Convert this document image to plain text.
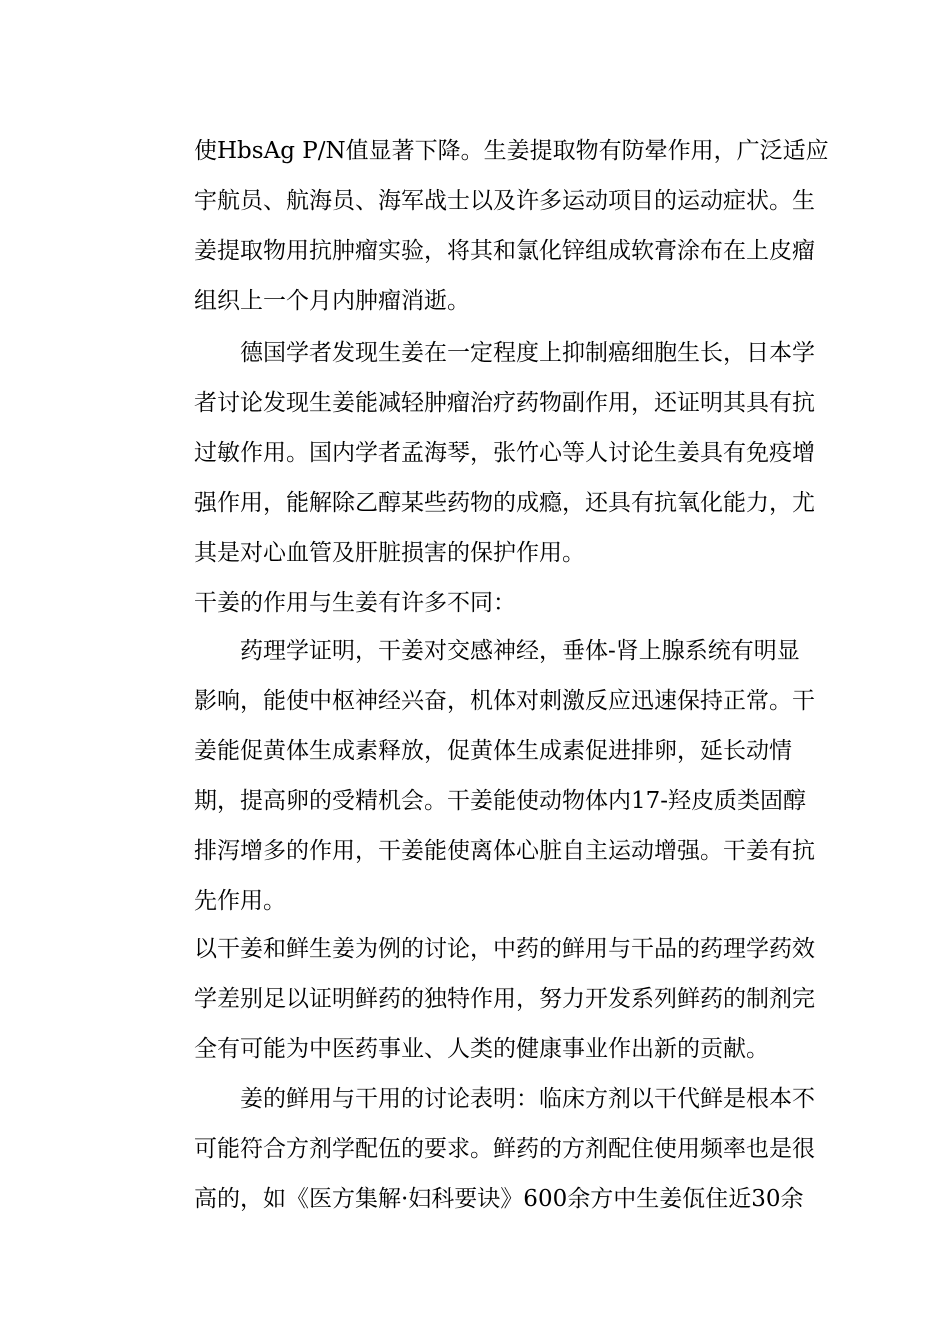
使HbsAg P/N值显著下降。生姜提取物有防晕作用，广泛适应

宇航员、航海员、海军战士以及许多运动项目的运动症状。生

姜提取物用抗肿瘤实验，将其和氯化锌组成软膏涂布在上皮瘤

组织上一个月内肿瘤消逝。

德国学者发现生姜在一定程度上抑制癌细胞生长，日本学

者讨论发现生姜能减轻肿瘤治疗药物副作用，还证明其具有抗

过敏作用。国内学者孟海琴，张竹心等人讨论生姜具有免疫增

强作用，能解除乙醇某些药物的成瘾，还具有抗氧化能力，尤

其是对心血管及肝脏损害的保护作用。

干姜的作用与生姜有许多不同：

药理学证明，干姜对交感神经，垂体-肾上腺系统有明显

影响，能使中枢神经兴奋，机体对刺激反应迅速保持正常。干

姜能促黄体生成素释放，促黄体生成素促进排卵，延长动情

期，提高卵的受精机会。干姜能使动物体内17-羟皮质类固醇

排泻增多的作用，干姜能使离体心脏自主运动增强。干姜有抗

先作用。

以干姜和鲜生姜为例的讨论，中药的鲜用与干品的药理学药效

学差别足以证明鲜药的独特作用，努力开发系列鲜药的制剂完

全有可能为中医药事业、人类的健康事业作出新的贡献。

姜的鲜用与干用的讨论表明：临床方剂以干代鲜是根本不

可能符合方剂学配伍的要求。鲜药的方剂配住使用频率也是很

高的，如《医方集解·妇科要诀》600余方中生姜佤住近30余
